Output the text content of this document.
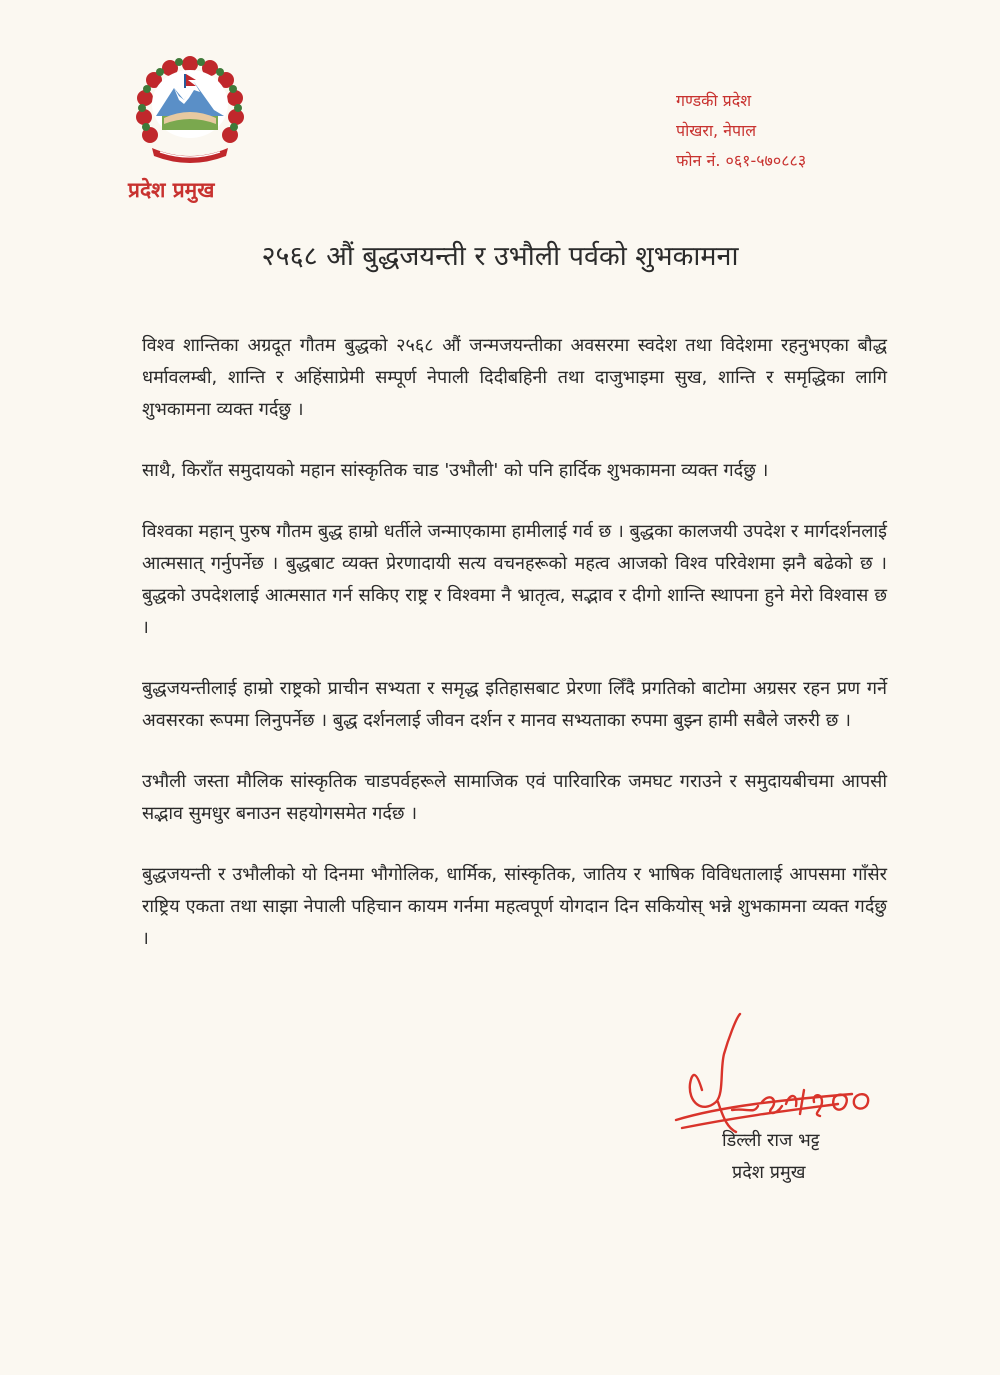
प्रदेश प्रमुख
गण्डकी प्रदेश
पोखरा, नेपाल
फोन नं. ०६१-५७०८८३
२५६८ औं बुद्धजयन्ती र उभौली पर्वको शुभकामना

विश्व शान्तिका अग्रदूत गौतम बुद्धको २५६८ औं जन्मजयन्तीका अवसरमा स्वदेश तथा विदेशमा रहनुभएका बौद्ध धर्मावलम्बी, शान्ति र अहिंसाप्रेमी सम्पूर्ण नेपाली दिदीबहिनी तथा दाजुभाइमा सुख, शान्ति र समृद्धिका लागि शुभकामना व्यक्त गर्दछु ।

साथै, किराँत समुदायको महान सांस्कृतिक चाड 'उभौली' को पनि हार्दिक शुभकामना व्यक्त गर्दछु ।

विश्वका महान् पुरुष गौतम बुद्ध हाम्रो धर्तीले जन्माएकामा हामीलाई गर्व छ । बुद्धका कालजयी उपदेश र मार्गदर्शनलाई आत्मसात् गर्नुपर्नेछ । बुद्धबाट व्यक्त प्रेरणादायी सत्य वचनहरूको महत्व आजको विश्व परिवेशमा झनै बढेको छ । बुद्धको उपदेशलाई आत्मसात गर्न सकिए राष्ट्र र विश्वमा नै भ्रातृत्व, सद्भाव र दीगो शान्ति स्थापना हुने मेरो विश्वास छ ।

बुद्धजयन्तीलाई हाम्रो राष्ट्रको प्राचीन सभ्यता र समृद्ध इतिहासबाट प्रेरणा लिँदै प्रगतिको बाटोमा अग्रसर रहन प्रण गर्ने अवसरका रूपमा लिनुपर्नेछ । बुद्ध दर्शनलाई जीवन दर्शन र मानव सभ्यताका रुपमा बुझ्न हामी सबैले जरुरी छ ।

उभौली जस्ता मौलिक सांस्कृतिक चाडपर्वहरूले सामाजिक एवं पारिवारिक जमघट गराउने र समुदायबीचमा आपसी सद्भाव सुमधुर बनाउन सहयोगसमेत गर्दछ ।

बुद्धजयन्ती र उभौलीको यो दिनमा भौगोलिक, धार्मिक, सांस्कृतिक, जातिय र भाषिक विविधतालाई आपसमा गाँसेर राष्ट्रिय एकता तथा साझा नेपाली पहिचान कायम गर्नमा महत्वपूर्ण योगदान दिन सकियोस् भन्ने शुभकामना व्यक्त गर्दछु ।

डिल्ली राज भट्ट
प्रदेश प्रमुख
